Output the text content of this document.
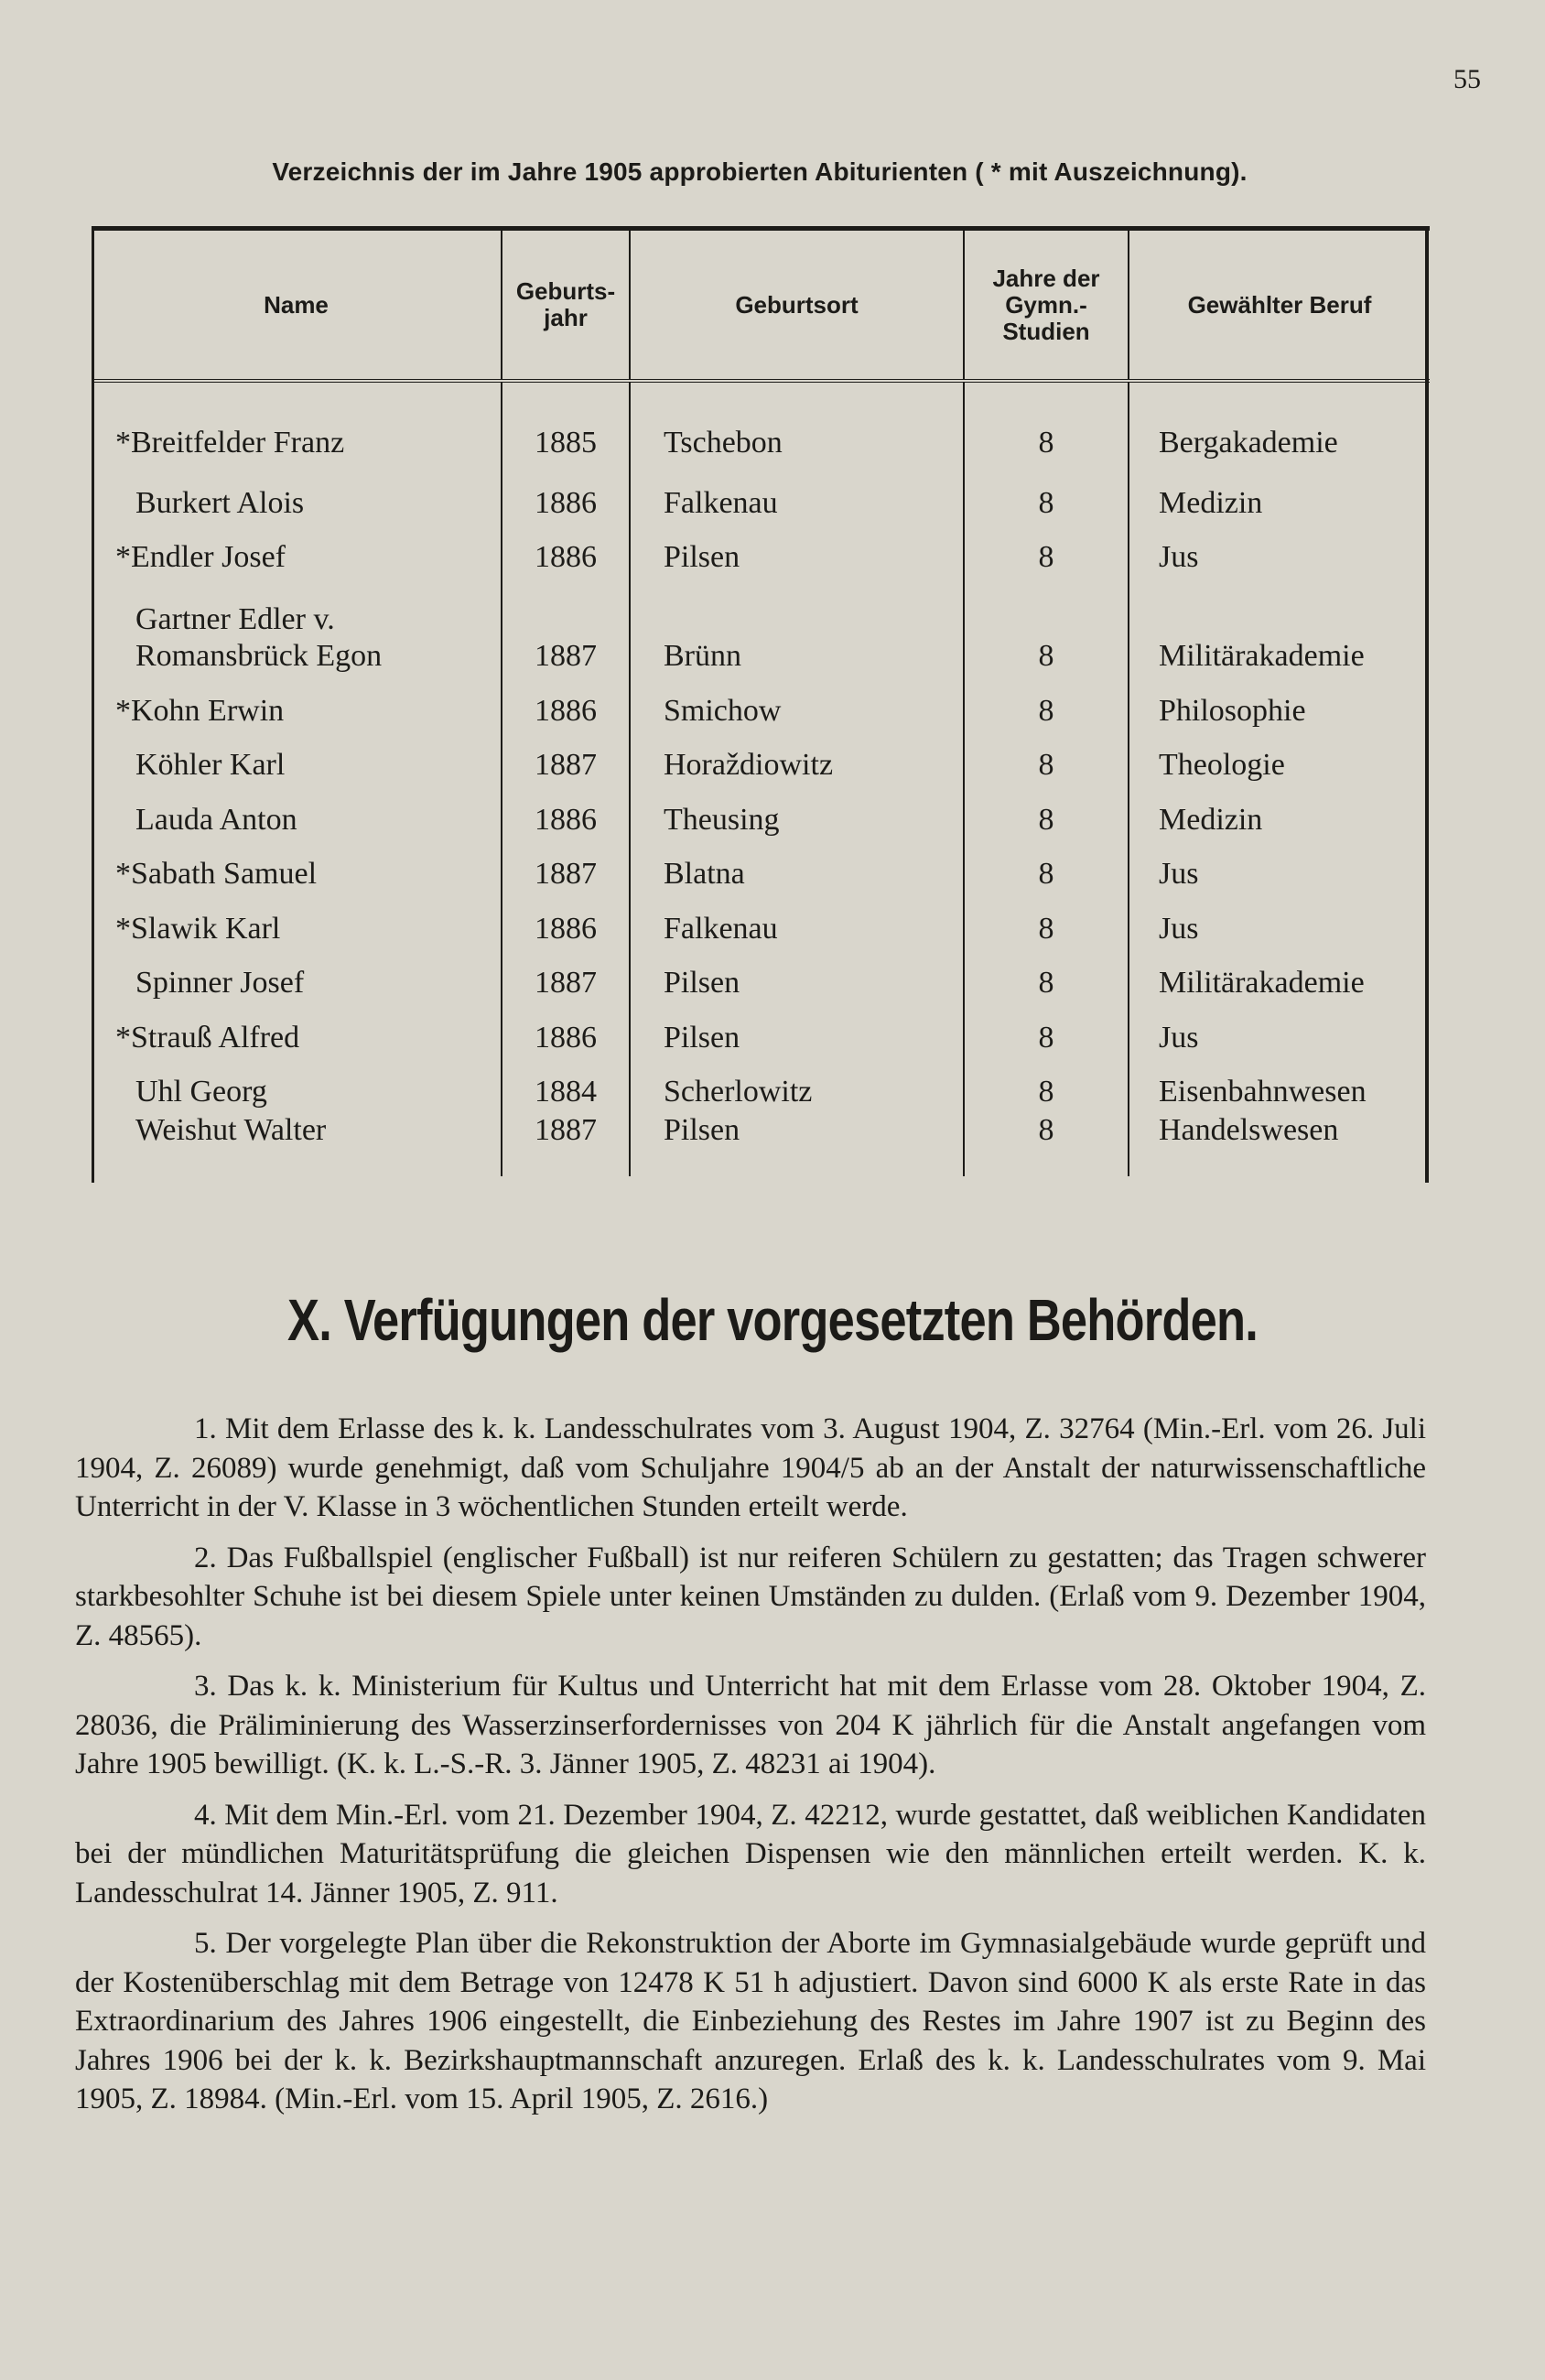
55
Verzeichnis der im Jahre 1905 approbierten Abiturienten ( * mit Auszeichnung).
Name	Geburts- jahr	Geburtsort	Jahre der Gymn.- Studien	Gewählter Beruf
*Breitfelder Franz	1885	Tschebon	8	Bergakademie
Burkert Alois	1886	Falkenau	8	Medizin
*Endler Josef	1886	Pilsen	8	Jus

Gartner Edler v.
Romansbrück Egon	1887	Brünn	8	Militärakademie
*Kohn Erwin	1886	Smichow	8	Philosophie
Köhler Karl	1887	Horaždiowitz	8	Theologie
Lauda Anton	1886	Theusing	8	Medizin
*Sabath Samuel	1887	Blatna	8	Jus
*Slawik Karl	1886	Falkenau	8	Jus
Spinner Josef	1887	Pilsen	8	Militärakademie
*Strauß Alfred	1886	Pilsen	8	Jus
Uhl Georg	1884	Scherlowitz	8	Eisenbahnwesen
Weishut Walter	1887	Pilsen	8	Handelswesen
X. Verfügungen der vorgesetzten Behörden.

1. Mit dem Erlasse des k. k. Landesschulrates vom 3. August 1904, Z. 32764 (Min.-Erl. vom 26. Juli 1904, Z. 26089) wurde genehmigt, daß vom Schuljahre 1904/5 ab an der Anstalt der naturwissenschaftliche Unterricht in der V. Klasse in 3 wöchentlichen Stunden erteilt werde.

2. Das Fußballspiel (englischer Fußball) ist nur reiferen Schülern zu gestatten; das Tragen schwerer starkbesohlter Schuhe ist bei diesem Spiele unter keinen Umständen zu dulden. (Erlaß vom 9. Dezember 1904, Z. 48565).

3. Das k. k. Ministerium für Kultus und Unterricht hat mit dem Erlasse vom 28. Oktober 1904, Z. 28036, die Präliminierung des Wasserzinserfordernisses von 204 K jährlich für die Anstalt angefangen vom Jahre 1905 bewilligt. (K. k. L.-S.-R. 3. Jänner 1905, Z. 48231 ai 1904).

4. Mit dem Min.-Erl. vom 21. Dezember 1904, Z. 42212, wurde gestattet, daß weiblichen Kandidaten bei der mündlichen Maturitätsprüfung die gleichen Dispensen wie den männlichen erteilt werden. K. k. Landesschulrat 14. Jänner 1905, Z. 911.

5. Der vorgelegte Plan über die Rekonstruktion der Aborte im Gymnasialgebäude wurde geprüft und der Kostenüberschlag mit dem Betrage von 12478 K 51 h adjustiert. Davon sind 6000 K als erste Rate in das Extraordinarium des Jahres 1906 eingestellt, die Einbeziehung des Restes im Jahre 1907 ist zu Beginn des Jahres 1906 bei der k. k. Bezirkshauptmannschaft anzuregen. Erlaß des k. k. Landesschulrates vom 9. Mai 1905, Z. 18984. (Min.-Erl. vom 15. April 1905, Z. 2616.)
